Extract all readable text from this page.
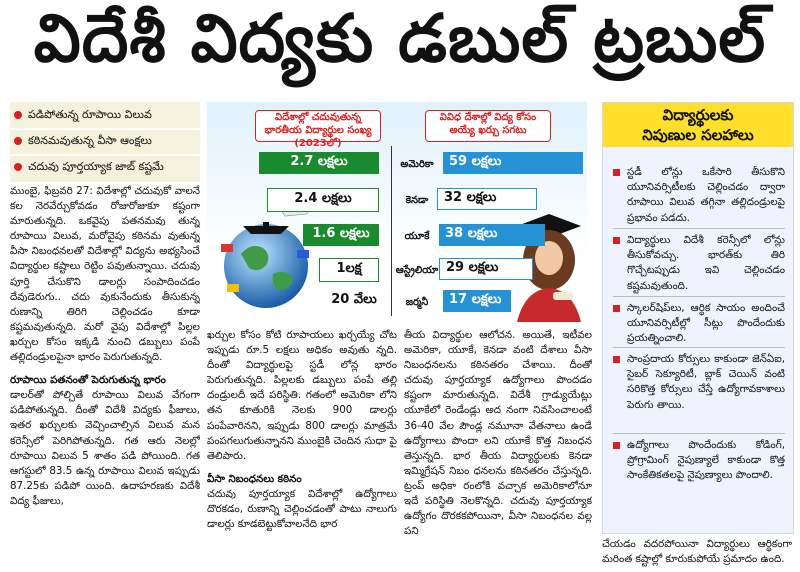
విదేశీ విద్యకు డబుల్ ట్రబుల్
పడిపోతున్న రూపాయి విలువ
కఠినమవుతున్న వీసా ఆంక్షలు
చదువు పూర్తయ్యాక జాబ్ కష్టమే

ముంబై, ఫిబ్రవరి 27: విదేశాల్లో చదువుకో వాలనే కల నెరవేర్చుకోవడం రోజురోజుకూ కష్టంగా మారుతున్నది. ఒకవైపు పతనమవు తున్న రూపాయి విలువ, మరోవైపు కఠినమ వుతున్న వీసా నిబంధనలతో విదేశాల్లో విద్యను అభ్యసించే విద్యార్థుల కష్టాలు రెట్టిం పవుతున్నాయి. చదువు పూర్తి చేసుకొని డాలర్లు సంపాదించడం దేవుడెరుగు.. చదు వుకునేందుకు తీసుకున్న రుణాన్ని తిరిగి చెల్లించడం కూడా కష్టమవుతున్నది. మరో వైపు విదేశాల్లో పిల్లల ఖర్చుల కోసం ఇక్కడి నుంచి డబ్బులు పంపే తల్లిదండ్రులపైనా భారం పెరుగుతున్నది.

రూపాయి పతనంతో పెరుగుతున్న భారం

డాలర్‌తో పోల్చితే రూపాయి విలువ వేగంగా పడిపోతున్నది. దీంతో విదేశీ విద్యకు ఫీజులు, ఇతర ఖర్చులకు వెచ్చించాల్సిన విలువ మన కరెన్సీలో పెరిగిపోతున్నది. గత ఆరు నెలల్లో రూపాయి విలువ 5 శాతం పడి పోయింది. గత ఆగస్టులో 83.5 ఉన్న రూపాయి విలువ ఇప్పుడు 87.25కు పడిపో యింది. ఉదాహరణకు విదేశీ విద్య ఫీజులు,

విదేశాల్లో చదువుతున్న భారతీయ విద్యార్థుల సంఖ్య (2023లో)
వివిధ దేశాల్లో విద్య కోసం అయ్యే ఖర్చు సగటు
2.7 లక్షలు	అమెరికా	59 లక్షలు
2.4 లక్షలు	కెనడా	32 లక్షలు
1.6 లక్షలు	యూకే	38 లక్షలు
1లక్ష	ఆస్ట్రేలియా 29 లక్షలు
20 వేలు	జర్మనీ	17 లక్షలు

ఖర్చుల కోసం కోటి రూపాయలు ఖర్చయ్యే చోట ఇప్పుడు రూ.5 లక్షలు అధికం అవుతు న్నది. దీంతో విద్యార్థులపై స్టడీ లోన్ల భారం పెరుగుతున్నది. పిల్లలకు డబ్బులు పంపే తల్లి దండ్రులదీ ఇదే పరిస్థితి. గతంలో అమెరికా లోని తన కూతురికి నెలకు 900 డాలర్లు పంపేవారినని, ఇప్పుడు 800 డాలర్లు మాత్రమే పంపగలుగుతున్నానని ముంబైకి చెందిన సుధా పై తెలిపారు.

వీసా నిబంధనలు కఠినం

చదువు పూర్తయ్యాక విదేశాల్లో ఉద్యోగాలు దొరకడం, రుణాన్ని చెల్లించడంతో పాటు నాలుగు డాలర్లు కూడబెట్టుకోవాలనేది భార

తీయ విద్యార్థుల ఆలోచన. అయితే, ఇటీవల అమెరికా, యూకే, కెనడా వంటి దేశాలు వీసా నిబంధనలను కఠినతరం చేశాయి. దీంతో చదువు పూర్తయ్యాక ఉద్యోగాలు పొందడం కష్టంగా మారుతున్నది. విదేశీ గ్రాడ్యుయేట్లు యూకేలో రెండేండ్లు అద నంగా నివసించాలంటే 36-40 వేల పౌండ్ల నమూనా వేతనాలు ఉండే ఉద్యోగాలు పొందా లని యూకే కొత్త నిబంధన తెస్తున్నది. భార తీయ విద్యార్థులకు కెనడా ఇమ్మిగ్రేషన్ నిబం ధనలను కఠినతరం చేస్తున్నది. ట్రంప్ అధికా రంలోకి వచ్చాక అమెరికాలోనూ ఇదే పరిస్థితి నెలకొన్నది. చదువు పూర్తయ్యాక ఉద్యోగం దొరకకపోయినా, వీసా నిబంధనల వల్ల పని

విద్యార్థులకు
నిపుణుల సలహాలు
స్టడీ లోన్లు ఒకేసారి తీసుకొని యూనివర్సిటీలకు చెల్లించడం ద్వారా రూపాయి విలువ తగ్గినా తల్లిదండ్రులపై ప్రభావం పడదు.
విద్యార్థులు విదేశీ కరెన్సీలో లోన్లు తీసుకోవచ్చు. భారత్‌కు తిరి గొచ్చేటప్పుడు ఇవి చెల్లించడం కష్టమవుతుంది.
స్కాలర్‌షిప్‌లు, ఆర్థిక సాయం అందించే యూనివర్సిటీల్లో సీట్లు పొందేందుకు ప్రయత్నించాలి.
సాంప్రదాయ కోర్సులు కాకుండా జెన్‌ఏఐ, సైబర్ సెక్యూరిటీ, బ్లాక్ చెయిన్ వంటి సరికొత్త కోర్సులు చేస్తే ఉద్యోగావకాశాలు పెరుగు తాయి.
ఉద్యోగాలు పొందేందుకు కోడింగ్, ప్రోగ్రామింగ్ నైపుణ్యాలే కాకుండా కొత్త సాంకేతికతలపై నైపుణ్యాలు పొందాలి.

చేయడం వదరపోయినా విద్యార్థులు ఆర్థికంగా మరింత కష్టాల్లో కూరుకుపోయే ప్రమాదం ఉంది.
